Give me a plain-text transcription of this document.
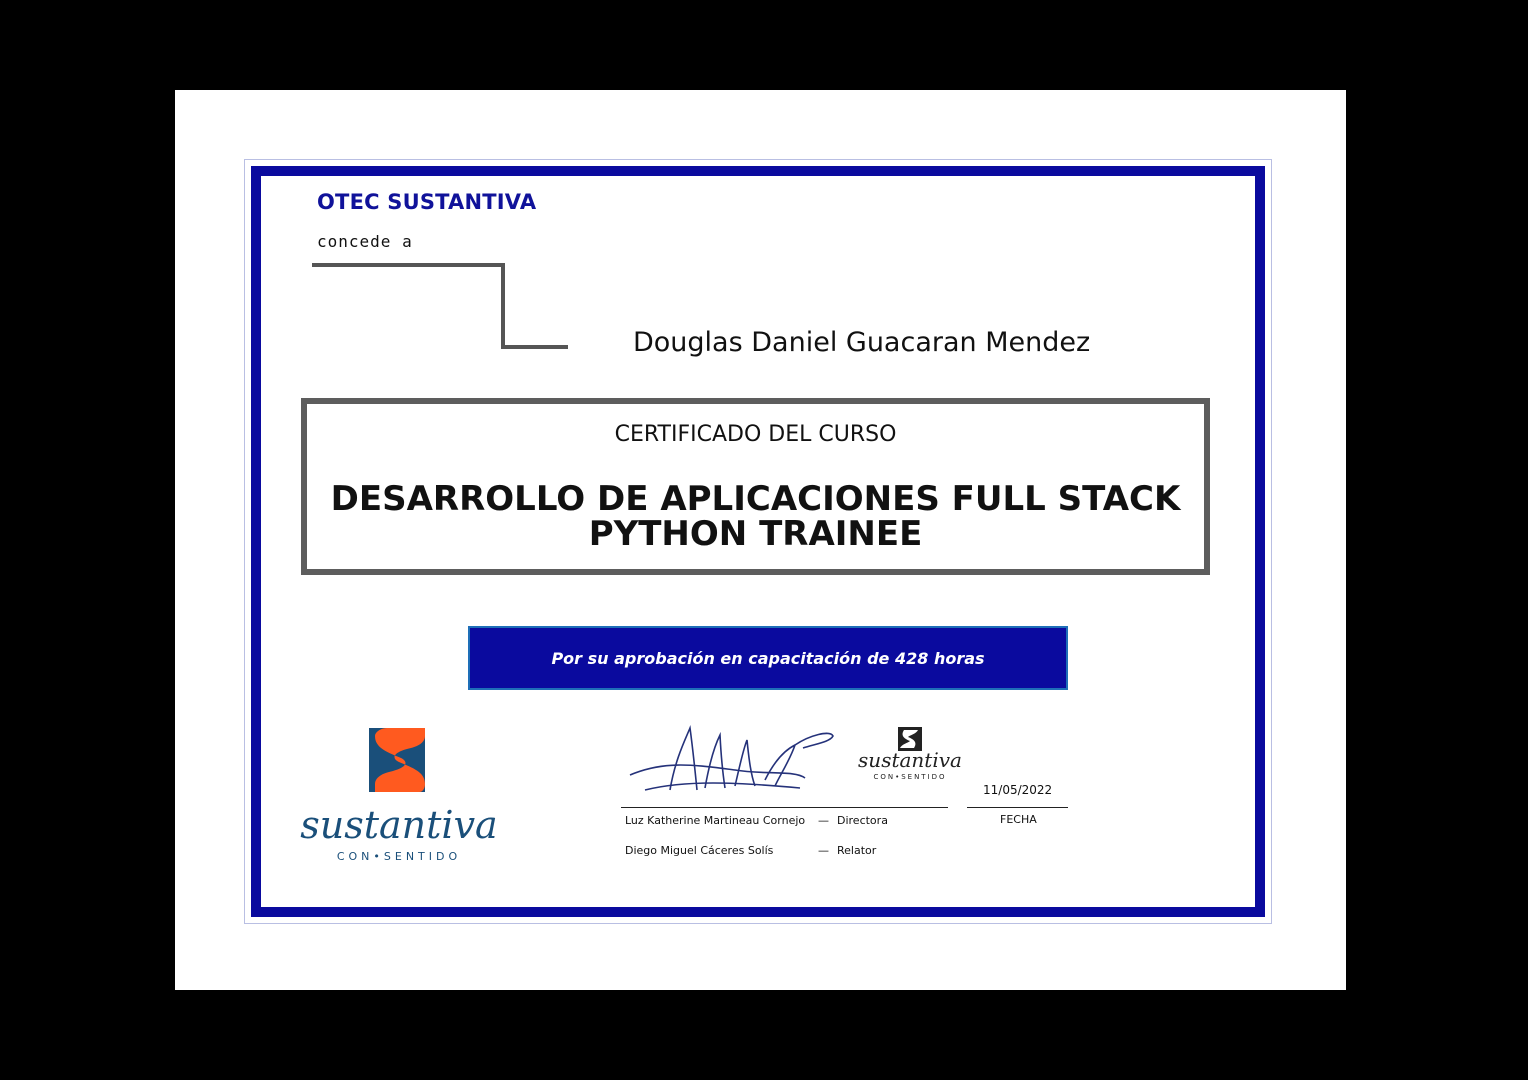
OTEC SUSTANTIVA
concede a
Douglas Daniel Guacaran Mendez
CERTIFICADO DEL CURSO
DESARROLLO DE APLICACIONES FULL STACK PYTHON TRAINEE
Por su aprobación en capacitación de 428 horas
sustantiva
CON•SENTIDO
sustantiva
CON•SENTIDO
11/05/2022
FECHA
Luz Katherine Martineau Cornejo — Directora
Diego Miguel Cáceres Solís	— Relator
